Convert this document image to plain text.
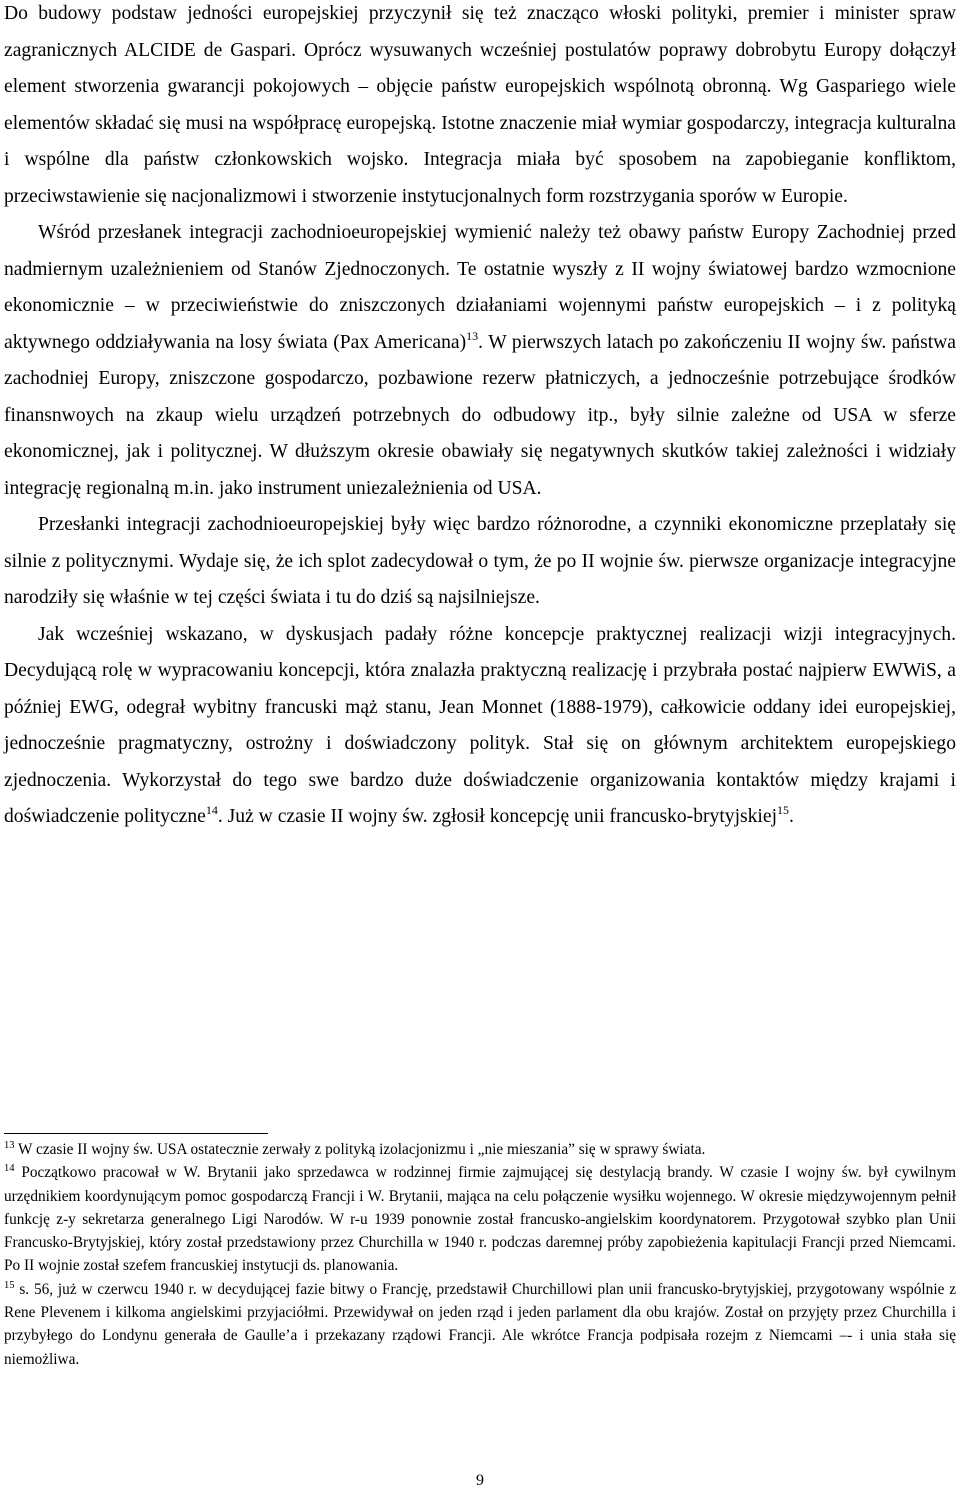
Do budowy podstaw jedności europejskiej przyczynił się też znacząco włoski polityki, premier i minister spraw zagranicznych ALCIDE de Gaspari. Oprócz wysuwanych wcześniej postulatów poprawy dobrobytu Europy dołączył element stworzenia gwarancji pokojowych – objęcie państw europejskich wspólnotą obronną. Wg Gaspariego wiele elementów składać się musi na współpracę europejską. Istotne znaczenie miał wymiar gospodarczy, integracja kulturalna i wspólne dla państw członkowskich wojsko. Integracja miała być sposobem na zapobieganie konfliktom, przeciwstawienie się nacjonalizmowi i stworzenie instytucjonalnych form rozstrzygania sporów w Europie.

Wśród przesłanek integracji zachodnioeuropejskiej wymienić należy też obawy państw Europy Zachodniej przed nadmiernym uzależnieniem od Stanów Zjednoczonych. Te ostatnie wyszły z II wojny światowej bardzo wzmocnione ekonomicznie – w przeciwieństwie do zniszczonych działaniami wojennymi państw europejskich – i z polityką aktywnego oddziaływania na losy świata (Pax Americana)$^{13}$. W pierwszych latach po zakończeniu II wojny św. państwa zachodniej Europy, zniszczone gospodarczo, pozbawione rezerw płatniczych, a jednocześnie potrzebujące środków finansnwoych na zkaup wielu urządzeń potrzebnych do odbudowy itp., były silnie zależne od USA w sferze ekonomicznej, jak i politycznej. W dłuższym okresie obawiały się negatywnych skutków takiej zależności i widziały integrację regionalną m.in. jako instrument uniezależnienia od USA.

Przesłanki integracji zachodnioeuropejskiej były więc bardzo różnorodne, a czynniki ekonomiczne przeplatały się silnie z politycznymi. Wydaje się, że ich splot zadecydował o tym, że po II wojnie św. pierwsze organizacje integracyjne narodziły się właśnie w tej części świata i tu do dziś są najsilniejsze.

Jak wcześniej wskazano, w dyskusjach padały różne koncepcje praktycznej realizacji wizji integracyjnych. Decydującą rolę w wypracowaniu koncepcji, która znalazła praktyczną realizację i przybrała postać najpierw EWWiS, a później EWG, odegrał wybitny francuski mąż stanu, Jean Monnet (1888-1979), całkowicie oddany idei europejskiej, jednocześnie pragmatyczny, ostrożny i doświadczony polityk. Stał się on głównym architektem europejskiego zjednoczenia. Wykorzystał do tego swe bardzo duże doświadczenie organizowania kontaktów między krajami i doświadczenie polityczne$^{14}$. Już w czasie II wojny św. zgłosił koncepcję unii francusko-brytyjskiej$^{15}$.

$^{13}$ W czasie II wojny św. USA ostatecznie zerwały z polityką izolacjonizmu i „nie mieszania” się w sprawy świata.

$^{14}$ Początkowo pracował w W. Brytanii jako sprzedawca w rodzinnej firmie zajmującej się destylacją brandy. W czasie I wojny św. był cywilnym urzędnikiem koordynującym pomoc gospodarczą Francji i W. Brytanii, mająca na celu połączenie wysiłku wojennego. W okresie międzywojennym pełnił funkcję z-y sekretarza generalnego Ligi Narodów. W r-u 1939 ponownie został francusko-angielskim koordynatorem. Przygotował szybko plan Unii Francusko-Brytyjskiej, który został przedstawiony przez Churchilla w 1940 r. podczas daremnej próby zapobieżenia kapitulacji Francji przed Niemcami. Po II wojnie został szefem francuskiej instytucji ds. planowania.

$^{15}$ s. 56, już w czerwcu 1940 r. w decydującej fazie bitwy o Francję, przedstawił Churchillowi plan unii francusko-brytyjskiej, przygotowany wspólnie z Rene Plevenem i kilkoma angielskimi przyjaciółmi. Przewidywał on jeden rząd i jeden parlament dla obu krajów. Został on przyjęty przez Churchilla i przybyłego do Londynu generała de Gaulle’a i przekazany rządowi Francji. Ale wkrótce Francja podpisała rozejm z Niemcami –- i unia stała się niemożliwa.

9
